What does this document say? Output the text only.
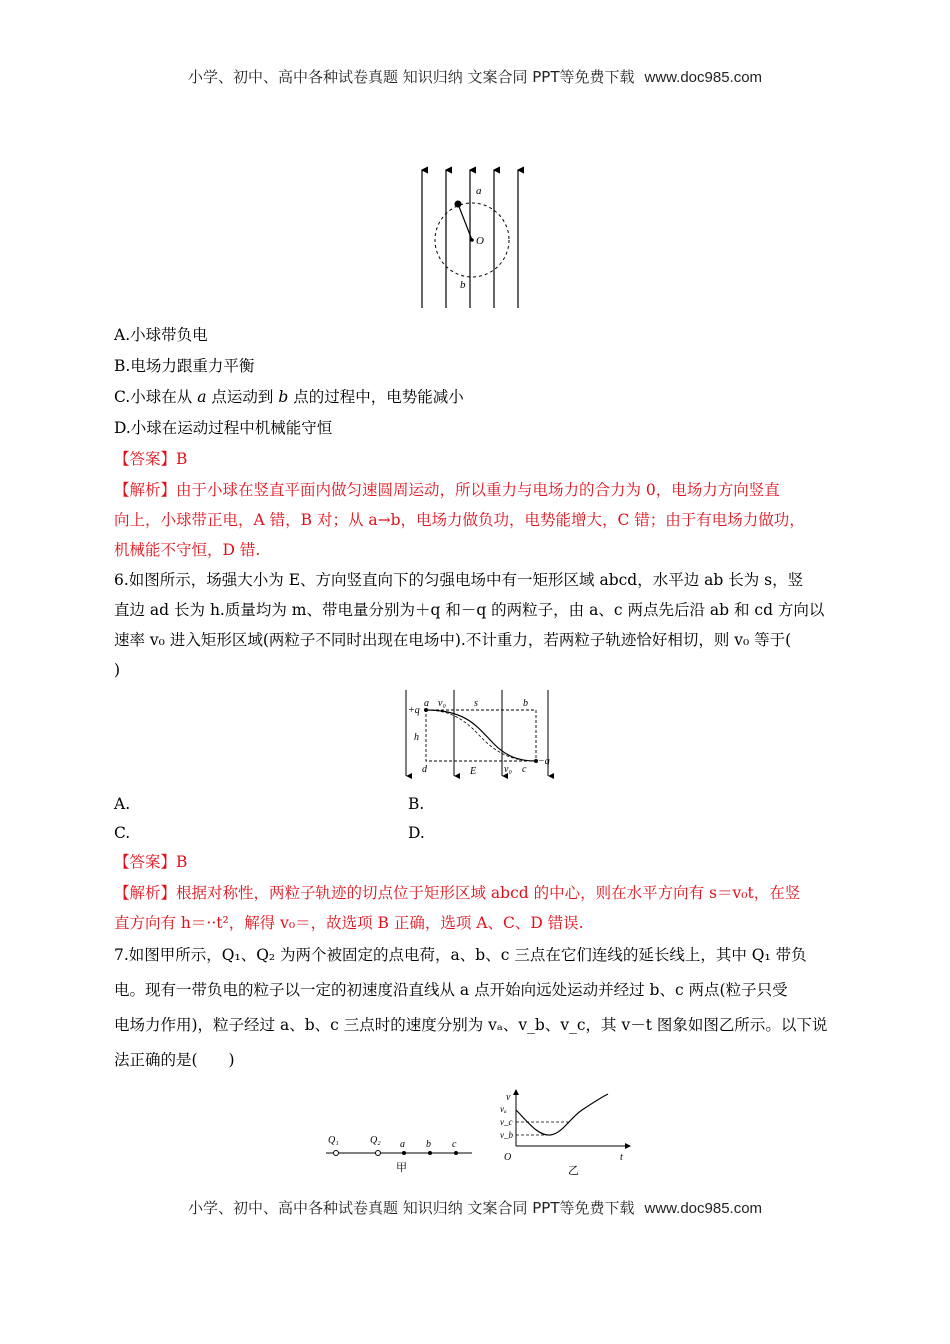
小学、初中、高中各种试卷真题 知识归纳 文案合同 PPT等免费下载 www.doc985.com
a
O
b
A.小球带负电
B.电场力跟重力平衡
C.小球在从 a 点运动到 b 点的过程中，电势能减小
D.小球在运动过程中机械能守恒
【答案】B
【解析】由于小球在竖直平面内做匀速圆周运动，所以重力与电场力的合力为 0，电场力方向竖直
向上，小球带正电，A 错，B 对；从 a→b，电场力做负功，电势能增大，C 错；由于有电场力做功，
机械能不守恒，D 错.
6.如图所示，场强大小为 E、方向竖直向下的匀强电场中有一矩形区域 abcd，水平边 ab 长为 s，竖
直边 ad 长为 h.质量均为 m、带电量分别为＋q 和－q 的两粒子，由 a、c 两点先后沿 ab 和 cd 方向以
速率 v₀ 进入矩形区域(两粒子不同时出现在电场中).不计重力，若两粒子轨迹恰好相切，则 v₀ 等于(
)
+q
a v₀	s	b
h
d	E	v₀ c
−q
A.	B.
C.	D.
【答案】B
【解析】根据对称性，两粒子轨迹的切点位于矩形区域 abcd 的中心，则在水平方向有 s＝v₀t，在竖
直方向有 h＝··t²，解得 v₀＝，故选项 B 正确，选项 A、C、D 错误.
7.如图甲所示，Q₁、Q₂ 为两个被固定的点电荷，a、b、c 三点在它们连线的延长线上，其中 Q₁ 带负
电。现有一带负电的粒子以一定的初速度沿直线从 a 点开始向远处运动并经过 b、c 两点(粒子只受
电场力作用)，粒子经过 a、b、c 三点时的速度分别为 vₐ、v_b、v_c，其 v－t 图象如图乙所示。以下说
法正确的是(　　)
Q₁	Q₂ a b c
甲
v
vₐ
v_c
v_b
O	t
乙
小学、初中、高中各种试卷真题 知识归纳 文案合同 PPT等免费下载 www.doc985.com
